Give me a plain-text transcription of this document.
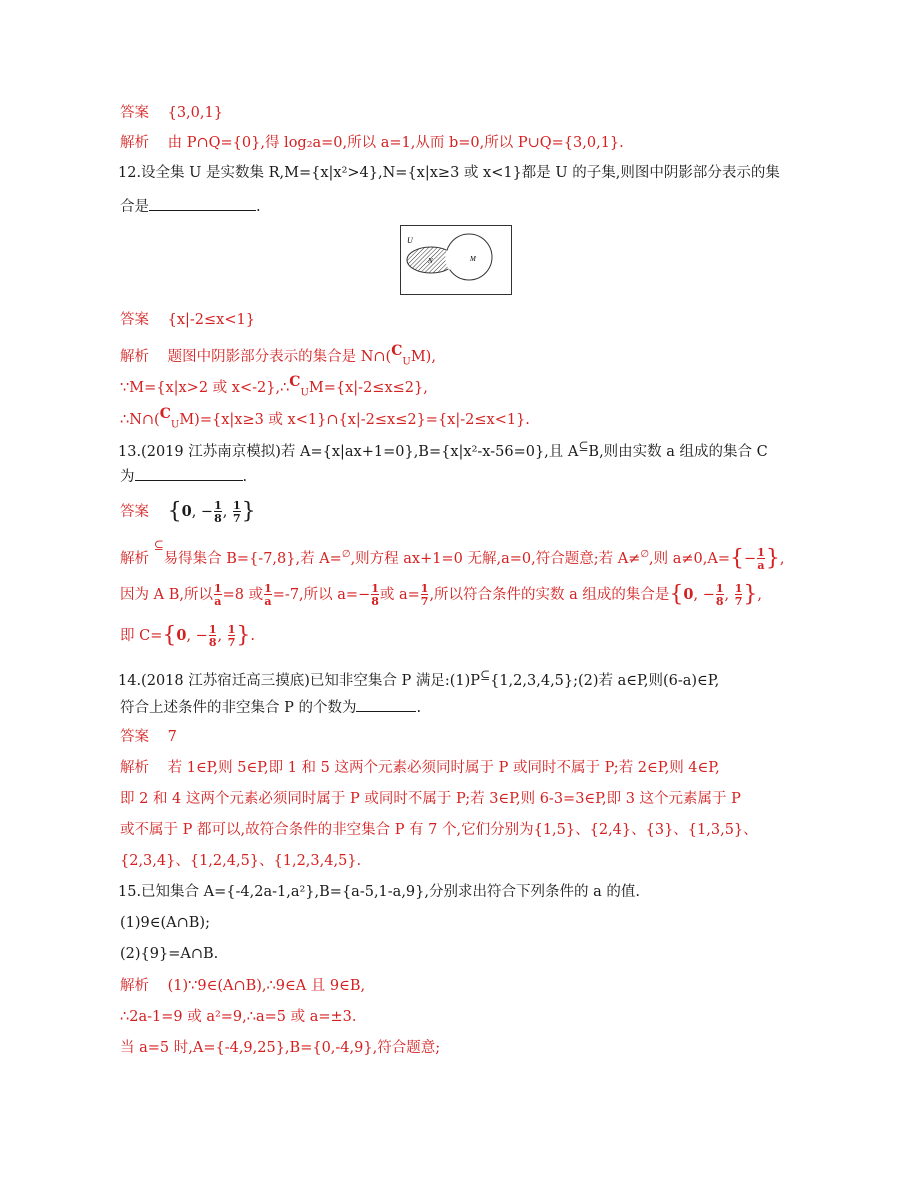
答案 {3,0,1}
解析 由 P∩Q={0},得 log₂a=0,所以 a=1,从而 b=0,所以 P∪Q={3,0,1}.
12.设全集 U 是实数集 R,M={x|x²>4},N={x|x≥3 或 x<1}都是 U 的子集,则图中阴影部分表示的集
合是	.
U
N	M
答案 {x|-2≤x<1}
解析 题图中阴影部分表示的集合是 $N\cap(C_UM)$,
∵M={x|x>2 或 $x<-2\},\therefore C_UM=\{x|-2\le x\le 2\}$,
$\therefore N\cap(C_UM)=\{x|x\ge 3$ 或 x<1}∩{x|-2≤x≤2}={x|-2≤x<1}.
13.(2019 江苏南京模拟)若 A={x|ax+1=0},B={x|x²-x-56=0},且 A⊆B,则由实数 a 组成的集合 C
为	.
答案 {0, − $\frac{1}{8}$ , $\frac{1}{7}$ }
解析 ⊆易得集合 B={-7,8},若 A=∅,则方程 ax+1=0 无解,a=0,符合题意;若 A≠∅,则 $a\ne 0,A=\{- \frac{1}{a}$ },
因为 A B,所以 $\frac{1}{a} =8$ 或 $\frac{1}{a} =-7$,所以 $a=- \frac{1}{8}$ 或 $a= \frac{1}{7}$ ,所以符合条件的实数 a 组成的集合是{0, − $\frac{1}{8}$ , $\frac{1}{7}$ },
即 C={0, − $\frac{1}{8}$ , $\frac{1}{7}$ }.
14.(2018 江苏宿迁高三摸底)已知非空集合 P 满足:(1)P⊆{1,2,3,4,5};(2)若 a∈P,则(6-a)∈P,
符合上述条件的非空集合 P 的个数为	.
答案 7
解析 若 1∈P,则 5∈P,即 1 和 5 这两个元素必须同时属于 P 或同时不属于 P;若 2∈P,则 4∈P,
即 2 和 4 这两个元素必须同时属于 P 或同时不属于 P;若 3∈P,则 6-3=3∈P,即 3 这个元素属于 P
或不属于 P 都可以,故符合条件的非空集合 P 有 7 个,它们分别为{1,5}、{2,4}、{3}、{1,3,5}、
{2,3,4}、{1,2,4,5}、{1,2,3,4,5}.
15.已知集合 A={-4,2a-1,a²},B={a-5,1-a,9},分别求出符合下列条件的 a 的值.
(1)9∈(A∩B);
(2){9}=A∩B.
解析 (1)∵9∈(A∩B),∴9∈A 且 9∈B,
∴2a-1=9 或 a²=9,∴a=5 或 a=±3.
当 a=5 时,A={-4,9,25},B={0,-4,9},符合题意;
